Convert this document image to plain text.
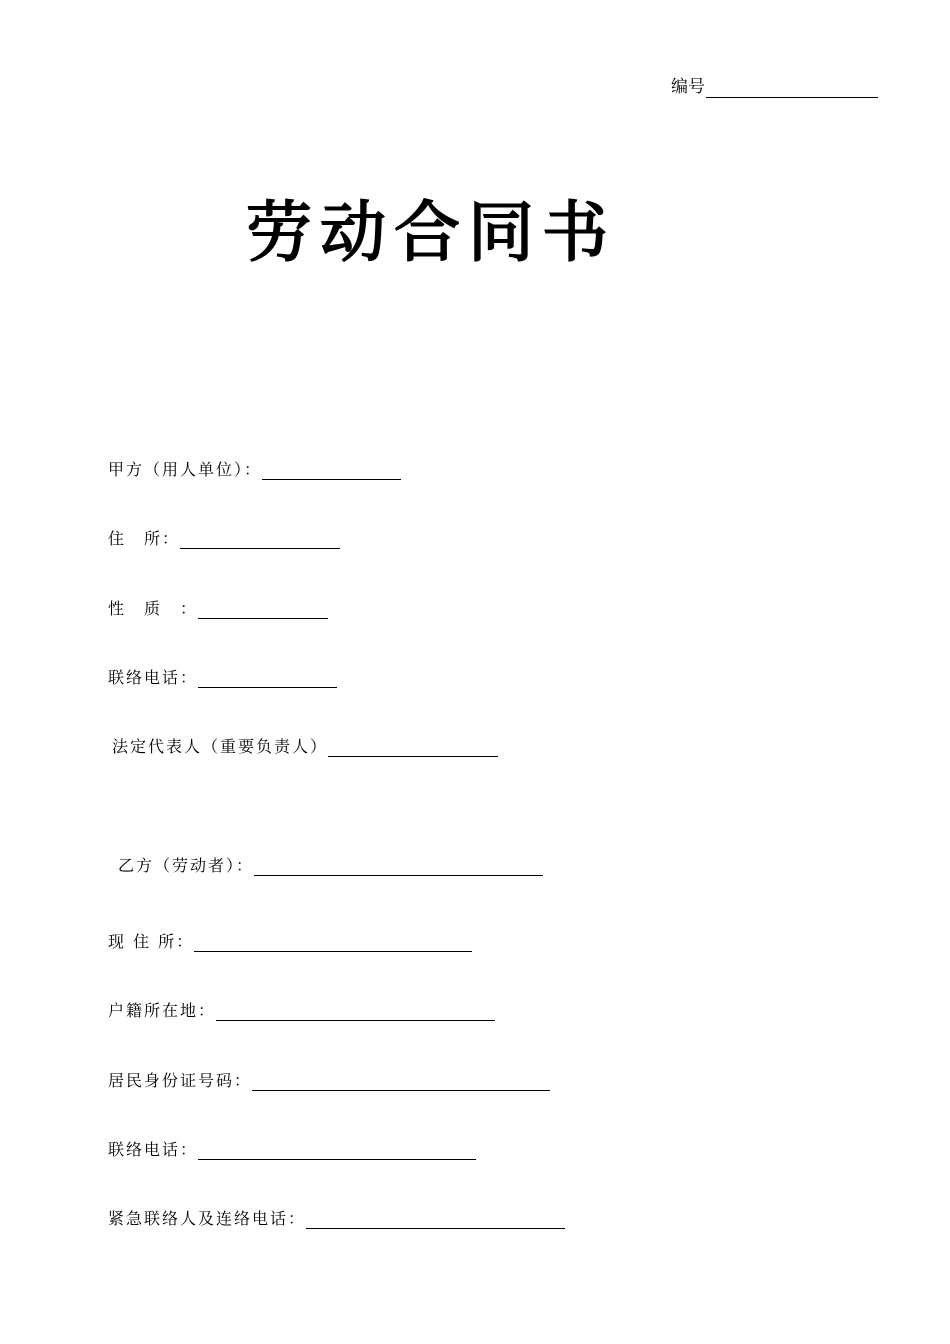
编号
劳动合同书
甲方（用人单位）：
住　所：
性　质　：
联络电话：
法定代表人（重要负责人）
乙方（劳动者）：
现 住 所：
户籍所在地：
居民身份证号码：
联络电话：
紧急联络人及连络电话：
